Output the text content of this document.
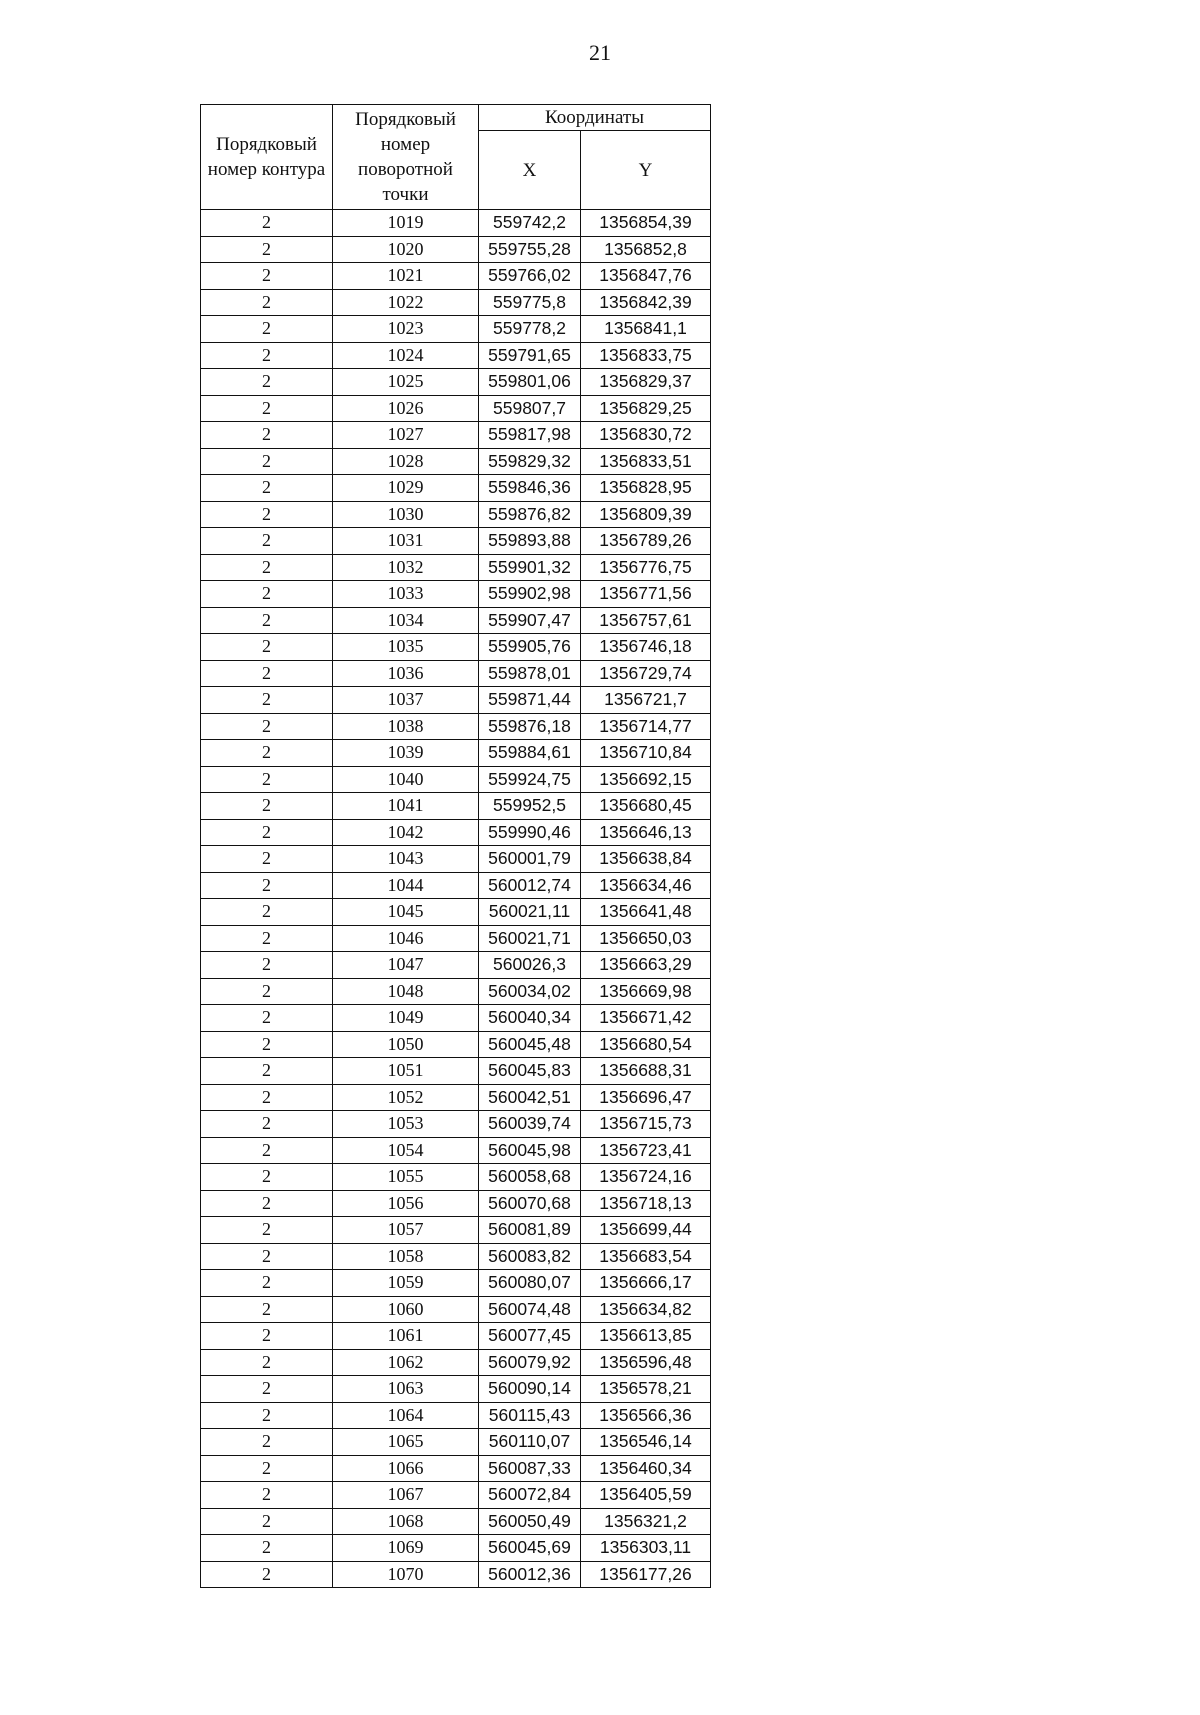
21
Порядковый номер контура	Порядковый номер поворотной точки	Координаты	
		X	Y
2	1019	559742,2	1356854,39
2	1020	559755,28	1356852,8
2	1021	559766,02	1356847,76
2	1022	559775,8	1356842,39
2	1023	559778,2	1356841,1
2	1024	559791,65	1356833,75
2	1025	559801,06	1356829,37
2	1026	559807,7	1356829,25
2	1027	559817,98	1356830,72
2	1028	559829,32	1356833,51
2	1029	559846,36	1356828,95
2	1030	559876,82	1356809,39
2	1031	559893,88	1356789,26
2	1032	559901,32	1356776,75
2	1033	559902,98	1356771,56
2	1034	559907,47	1356757,61
2	1035	559905,76	1356746,18
2	1036	559878,01	1356729,74
2	1037	559871,44	1356721,7
2	1038	559876,18	1356714,77
2	1039	559884,61	1356710,84
2	1040	559924,75	1356692,15
2	1041	559952,5	1356680,45
2	1042	559990,46	1356646,13
2	1043	560001,79	1356638,84
2	1044	560012,74	1356634,46
2	1045	560021,11	1356641,48
2	1046	560021,71	1356650,03
2	1047	560026,3	1356663,29
2	1048	560034,02	1356669,98
2	1049	560040,34	1356671,42
2	1050	560045,48	1356680,54
2	1051	560045,83	1356688,31
2	1052	560042,51	1356696,47
2	1053	560039,74	1356715,73
2	1054	560045,98	1356723,41
2	1055	560058,68	1356724,16
2	1056	560070,68	1356718,13
2	1057	560081,89	1356699,44
2	1058	560083,82	1356683,54
2	1059	560080,07	1356666,17
2	1060	560074,48	1356634,82
2	1061	560077,45	1356613,85
2	1062	560079,92	1356596,48
2	1063	560090,14	1356578,21
2	1064	560115,43	1356566,36
2	1065	560110,07	1356546,14
2	1066	560087,33	1356460,34
2	1067	560072,84	1356405,59
2	1068	560050,49	1356321,2
2	1069	560045,69	1356303,11
2	1070	560012,36	1356177,26
